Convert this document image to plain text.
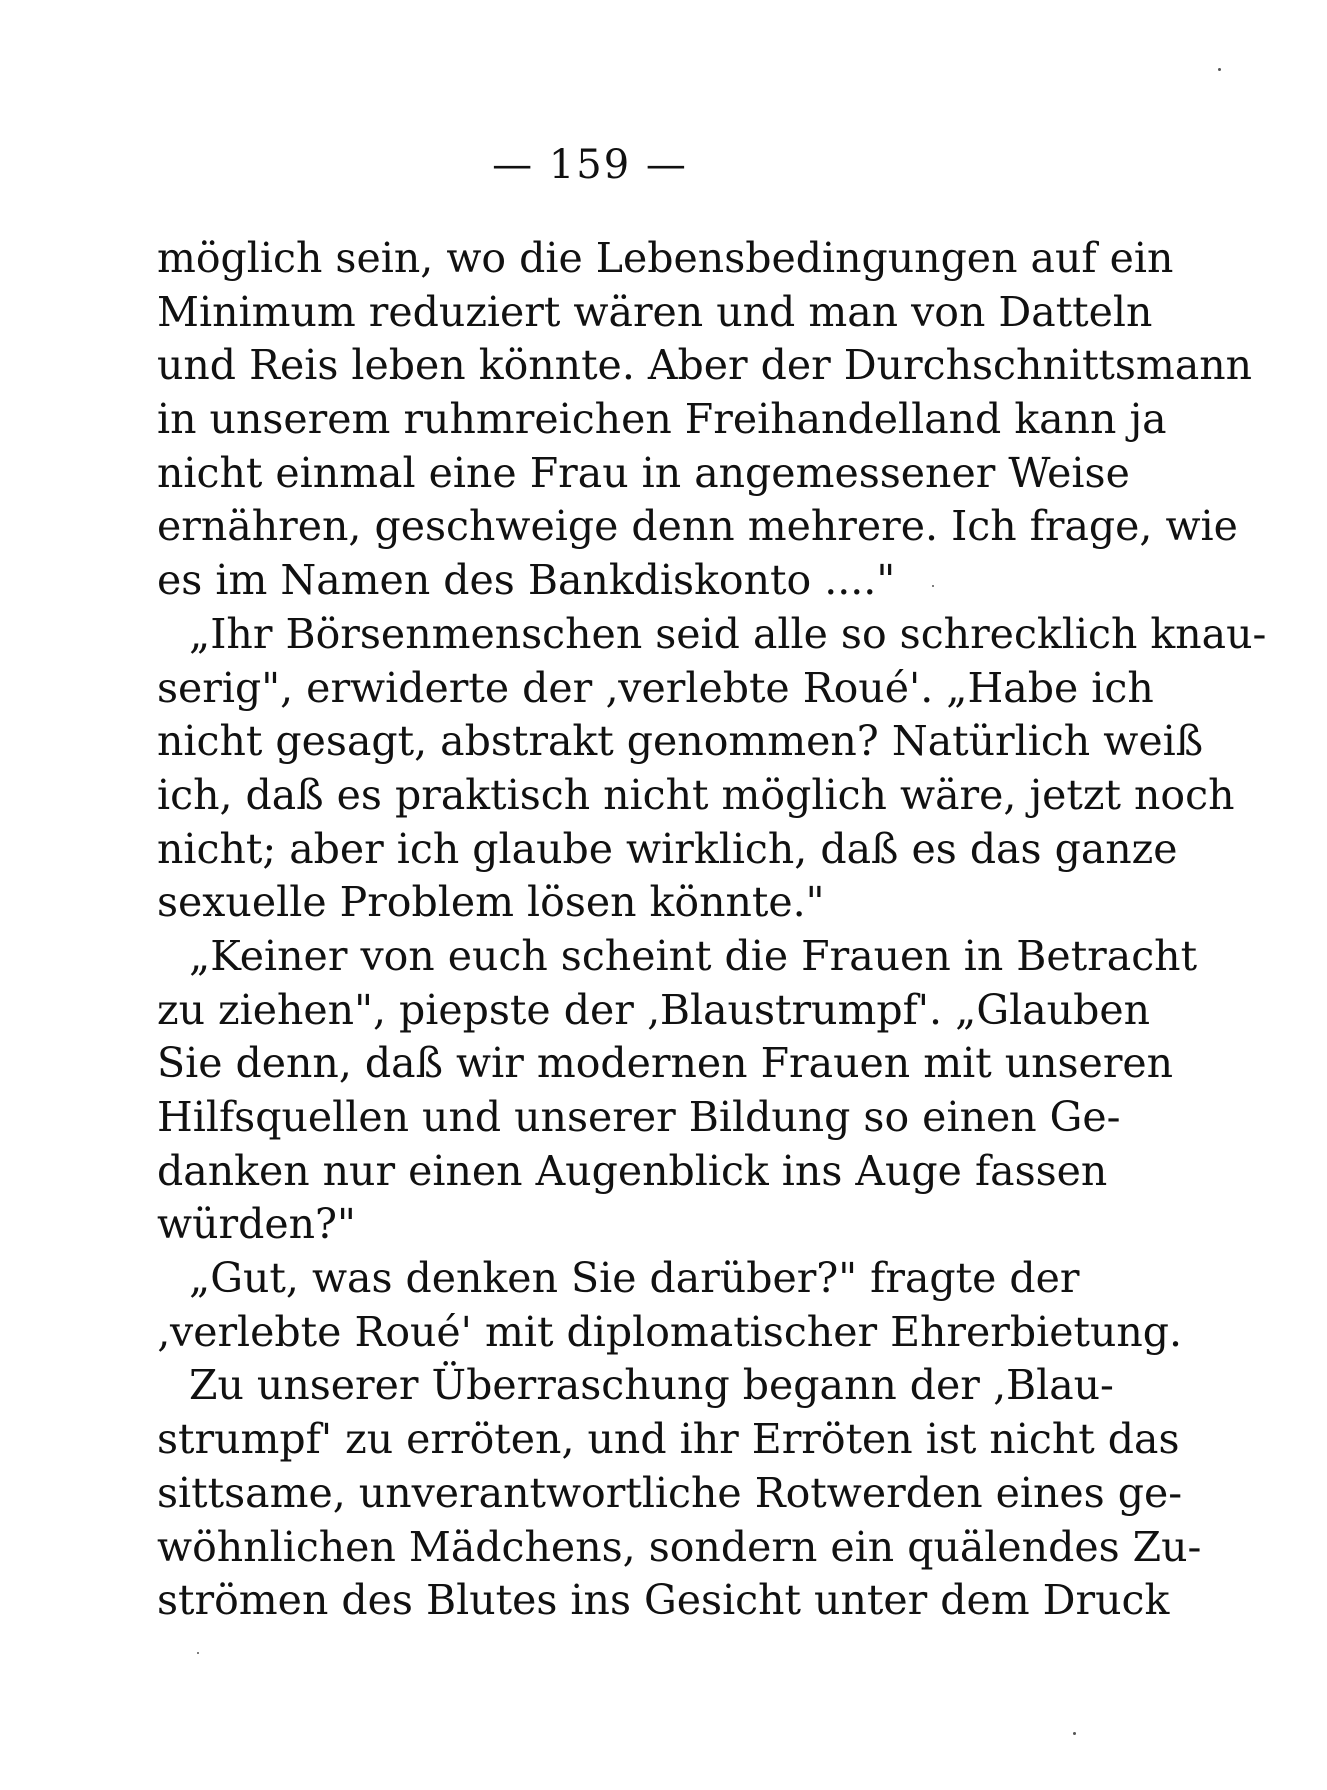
— 159 —
möglich sein, wo die Lebensbedingungen auf ein
Minimum reduziert wären und man von Datteln
und Reis leben könnte. Aber der Durchschnittsmann
in unserem ruhmreichen Freihandelland kann ja
nicht einmal eine Frau in angemessener Weise
ernähren, geschweige denn mehrere. Ich frage, wie
es im Namen des Bankdiskonto ...."
„Ihr Börsenmenschen seid alle so schrecklich knau-
serig", erwiderte der ‚verlebte Roué'. „Habe ich
nicht gesagt, abstrakt genommen? Natürlich weiß
ich, daß es praktisch nicht möglich wäre, jetzt noch
nicht; aber ich glaube wirklich, daß es das ganze
sexuelle Problem lösen könnte."
„Keiner von euch scheint die Frauen in Betracht
zu ziehen", piepste der ‚Blaustrumpf'. „Glauben
Sie denn, daß wir modernen Frauen mit unseren
Hilfsquellen und unserer Bildung so einen Ge-
danken nur einen Augenblick ins Auge fassen
würden?"
„Gut, was denken Sie darüber?" fragte der
‚verlebte Roué' mit diplomatischer Ehrerbietung.
Zu unserer Überraschung begann der ‚Blau-
strumpf' zu erröten, und ihr Erröten ist nicht das
sittsame, unverantwortliche Rotwerden eines ge-
wöhnlichen Mädchens, sondern ein quälendes Zu-
strömen des Blutes ins Gesicht unter dem Druck
